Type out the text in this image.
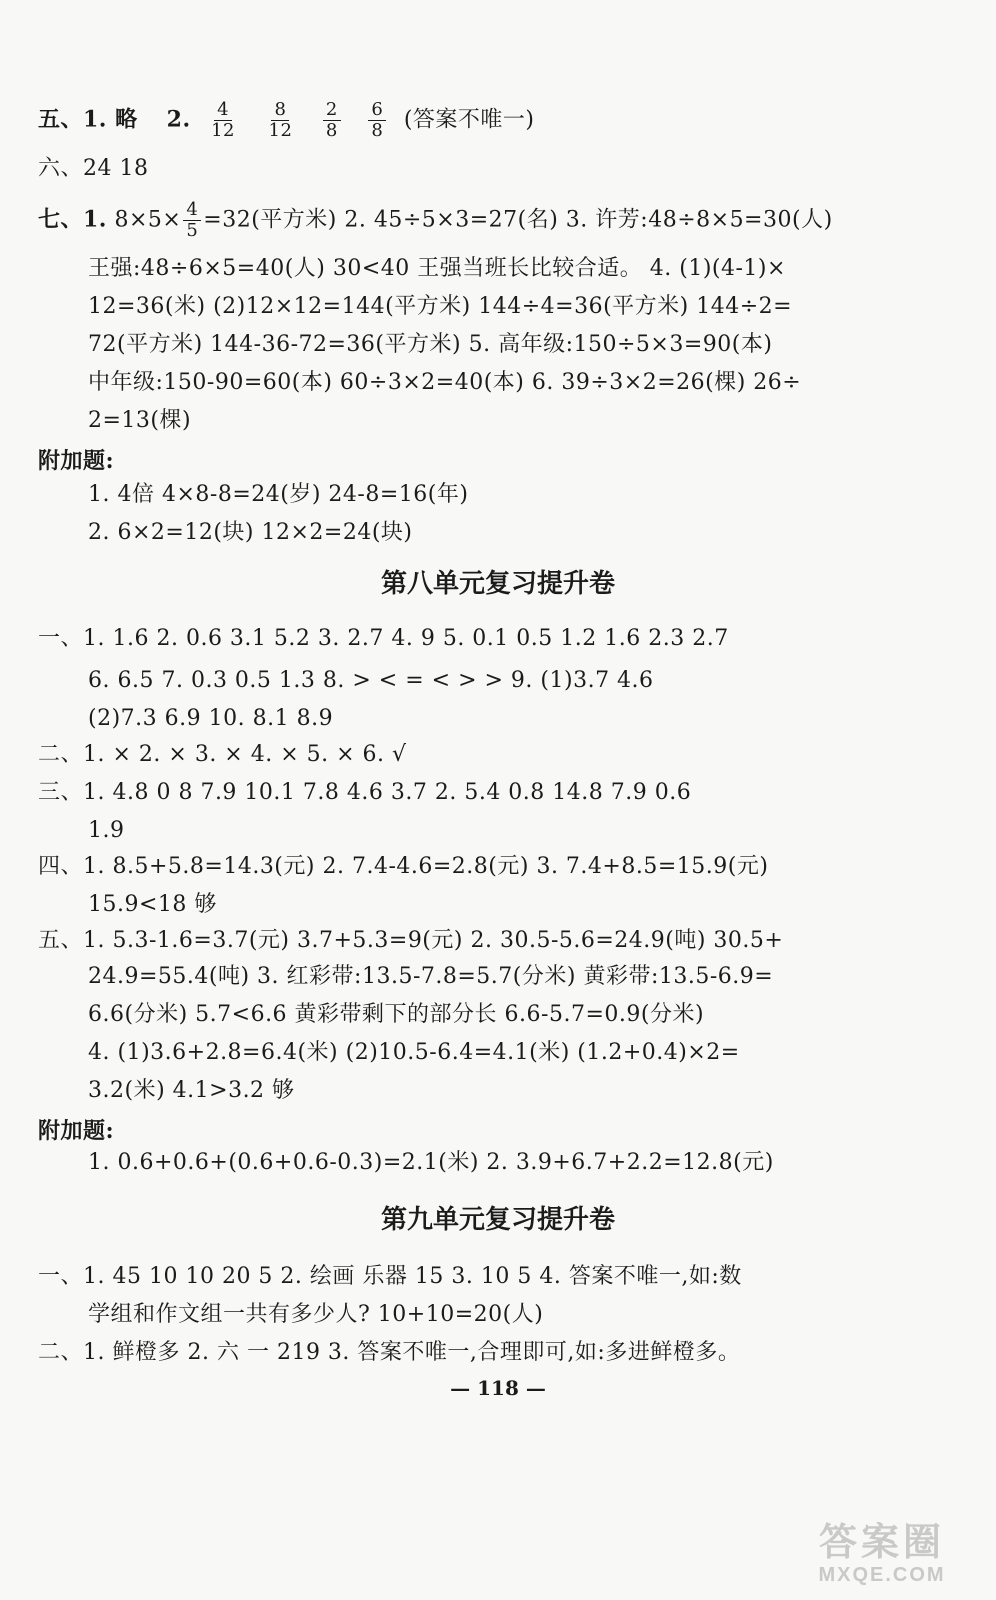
五、1. 略 2. $\frac{4}{12}$
$\frac{8}{12}$
$\frac{2}{8}$
$\frac{6}{8}$ (答案不唯一)
六、24 18
七、1. $8\times 5\times \frac{4}{5} =32$(平方米) 2. 45÷5×3=27(名) 3. 许芳:48÷8×5=30(人)
王强:48÷6×5=40(人) 30<40 王强当班长比较合适。 4. (1)(4-1)×
12=36(米) (2)12×12=144(平方米) 144÷4=36(平方米) 144÷2=
72(平方米) 144-36-72=36(平方米) 5. 高年级:150÷5×3=90(本)
中年级:150-90=60(本) 60÷3×2=40(本) 6. 39÷3×2=26(棵) 26÷
2=13(棵)
附加题:
1. 4倍 4×8-8=24(岁) 24-8=16(年)
2. 6×2=12(块) 12×2=24(块)
第八单元复习提升卷
一、1. 1.6 2. 0.6 3.1 5.2 3. 2.7 4. 9 5. 0.1 0.5 1.2 1.6 2.3 2.7
6. 6.5 7. 0.3 0.5 1.3 8. > < = < > > 9. (1)3.7 4.6
(2)7.3 6.9 10. 8.1 8.9
二、1. × 2. × 3. × 4. × 5. × 6. √
三、1. 4.8 0 8 7.9 10.1 7.8 4.6 3.7 2. 5.4 0.8 14.8 7.9 0.6
1.9
四、1. 8.5+5.8=14.3(元) 2. 7.4-4.6=2.8(元) 3. 7.4+8.5=15.9(元)
15.9<18 够
五、1. 5.3-1.6=3.7(元) 3.7+5.3=9(元) 2. 30.5-5.6=24.9(吨) 30.5+
24.9=55.4(吨) 3. 红彩带:13.5-7.8=5.7(分米) 黄彩带:13.5-6.9=
6.6(分米) 5.7<6.6 黄彩带剩下的部分长 6.6-5.7=0.9(分米)
4. (1)3.6+2.8=6.4(米) (2)10.5-6.4=4.1(米) (1.2+0.4)×2=
3.2(米) 4.1>3.2 够
附加题:
1. 0.6+0.6+(0.6+0.6-0.3)=2.1(米) 2. 3.9+6.7+2.2=12.8(元)
第九单元复习提升卷
一、1. 45 10 10 20 5 2. 绘画 乐器 15 3. 10 5 4. 答案不唯一,如:数
学组和作文组一共有多少人? 10+10=20(人)
二、1. 鲜橙多 2. 六 一 219 3. 答案不唯一,合理即可,如:多进鲜橙多。
— 118 —
答案圈
MXQE.COM
